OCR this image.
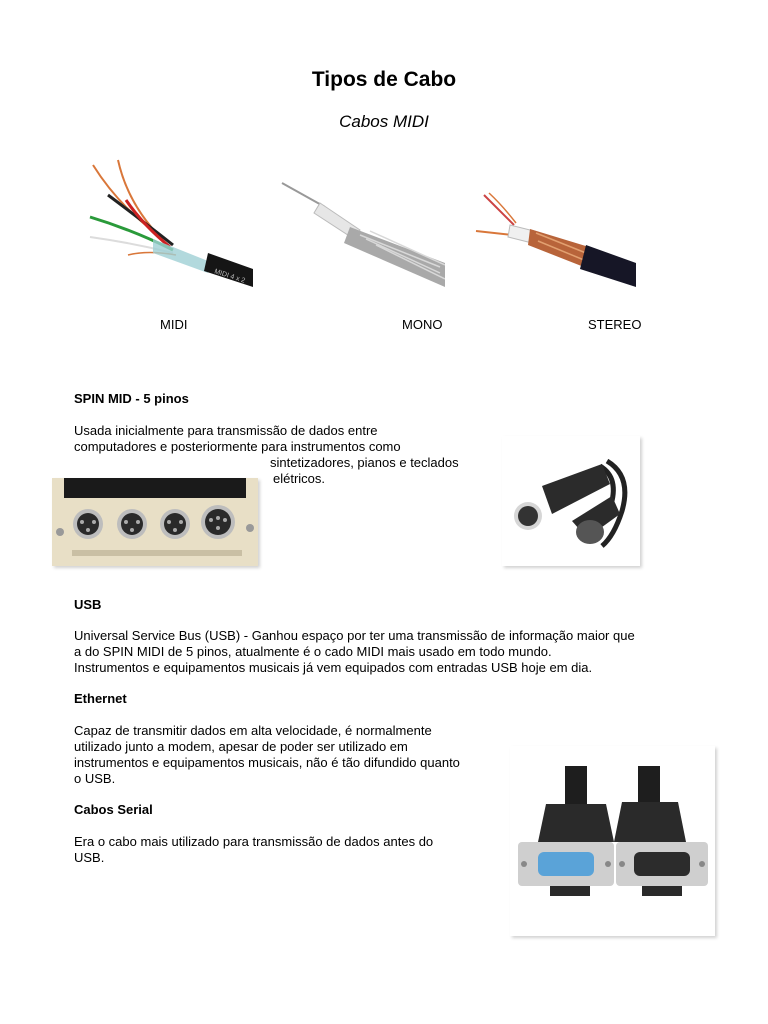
Tipos de Cabo
Cabos MIDI
MIDI 4 x 2
MIDI	MONO	STEREO
SPIN MID - 5 pinos
Usada inicialmente para transmissão de dados entre
computadores e posteriormente para instrumentos como
sintetizadores, pianos e teclados
elétricos.
USB
Universal Service Bus (USB) - Ganhou espaço por ter uma transmissão de informação maior que
a do SPIN MIDI de 5 pinos, atualmente é o cado MIDI mais usado em todo mundo.
Instrumentos e equipamentos musicais já vem equipados com entradas USB hoje em dia.
Ethernet
Capaz de transmitir dados em alta velocidade, é normalmente
utilizado junto a modem, apesar de poder ser utilizado em
instrumentos e equipamentos musicais, não é tão difundido quanto
o USB.
Cabos Serial
Era o cabo mais utilizado para transmissão de dados antes do
USB.
